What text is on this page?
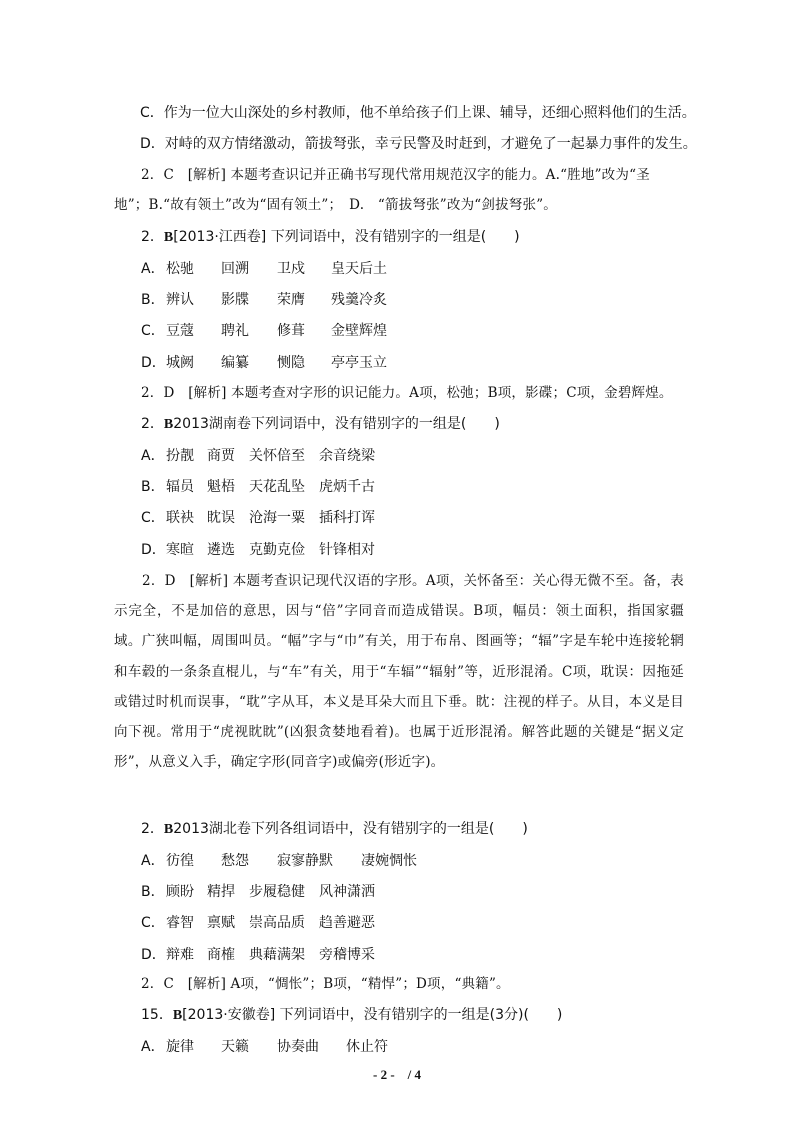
C．作为一位大山深处的乡村教师，他不单给孩子们上课、辅导，还细心照料他们的生活。
D．对峙的双方情绪激动，箭拔弩张，幸亏民警及时赶到，才避免了一起暴力事件的发生。
2．C　[解析] 本题考查识记并正确书写现代常用规范汉字的能力。A.“胜地”改为“圣
地”；B.“故有领土”改为“固有领土”；　D.　“箭拔弩张”改为“剑拔弩张”。
2．B[2013·江西卷] 下列词语中，没有错别字的一组是(　　)
A． 松驰 回溯 卫戍 皇天后土
B． 辨认 影牒 荣膺 残羹冷炙
C． 豆蔻 聘礼 修葺 金壁辉煌
D． 城阙 编纂 恻隐 亭亭玉立
2．D　[解析] 本题考查对字形的识记能力。A项，松弛；B项，影碟；C项，金碧辉煌。
2．B2013湖南卷下列词语中，没有错别字的一组是(　　)
A． 扮靓 商贾 关怀倍至 余音绕梁
B． 辐员 魁梧 天花乱坠 虎炳千古
C． 联袂 眈误 沧海一粟 插科打诨
D． 寒暄 遴选 克勤克俭 针锋相对
2．D　[解析] 本题考查识记现代汉语的字形。A项，关怀备至：关心得无微不至。备，表示完全，不是加倍的意思，因与“倍”字同音而造成错误。B项，幅员：领土面积，指国家疆域。广狭叫幅，周围叫员。“幅”字与“巾”有关，用于布帛、图画等；“辐”字是车轮中连接轮辋和车毂的一条条直棍儿，与“车”有关，用于“车辐”“辐射”等，近形混淆。C项，耽误：因拖延或错过时机而误事，“耽”字从耳，本义是耳朵大而且下垂。眈：注视的样子。从目，本义是目向下视。常用于“虎视眈眈”(凶狠贪婪地看着)。也属于近形混淆。解答此题的关键是“据义定形”，从意义入手，确定字形(同音字)或偏旁(形近字)。
2．B2013湖北卷下列各组词语中，没有错别字的一组是(　　)
A． 彷徨 愁怨 寂寥静默 凄婉惆怅
B． 顾盼 精捍 步履稳健 风神潇洒
C． 睿智 禀赋 崇高品质 趋善避恶
D． 辩难 商榷 典藉满架 旁稽博采
2．C　[解析] A项，“惆怅”；B项，“精悍”；D项，“典籍”。
15．B[2013·安徽卷] 下列词语中，没有错别字的一组是(3分)(　　)
A． 旋律 天籁 协奏曲 休止符
- 2 -　/ 4
